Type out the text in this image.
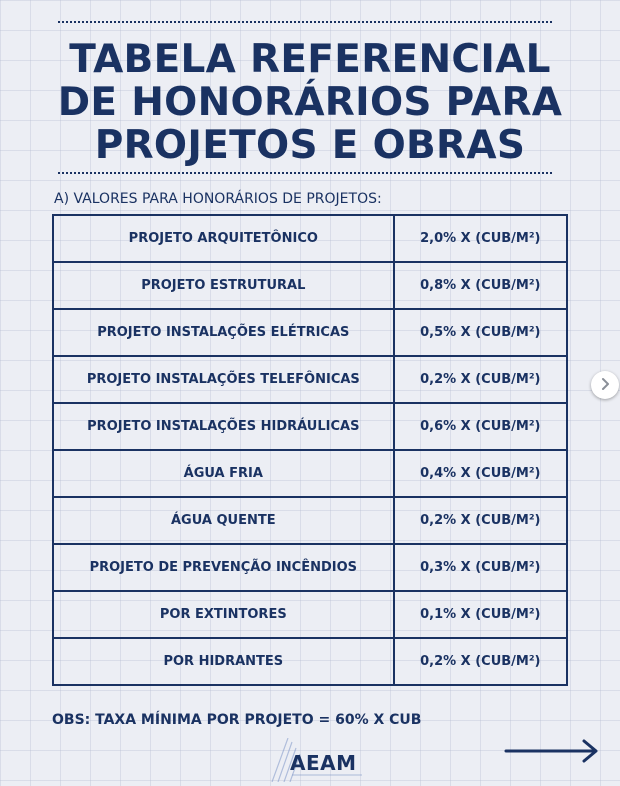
TABELA REFERENCIAL
DE HONORÁRIOS PARA
PROJETOS E OBRAS
A) VALORES PARA HONORÁRIOS DE PROJETOS:
PROJETO ARQUITETÔNICO	2,0% X (CUB/M²)
PROJETO ESTRUTURAL	0,8% X (CUB/M²)
PROJETO INSTALAÇÕES ELÉTRICAS	0,5% X (CUB/M²)
PROJETO INSTALAÇÕES TELEFÔNICAS	0,2% X (CUB/M²)
PROJETO INSTALAÇÕES HIDRÁULICAS	0,6% X (CUB/M²)
ÁGUA FRIA	0,4% X (CUB/M²)
ÁGUA QUENTE	0,2% X (CUB/M²)
PROJETO DE PREVENÇÃO INCÊNDIOS	0,3% X (CUB/M²)
POR EXTINTORES	0,1% X (CUB/M²)
POR HIDRANTES	0,2% X (CUB/M²)
OBS: TAXA MÍNIMA POR PROJETO = 60% X CUB
AEAM
